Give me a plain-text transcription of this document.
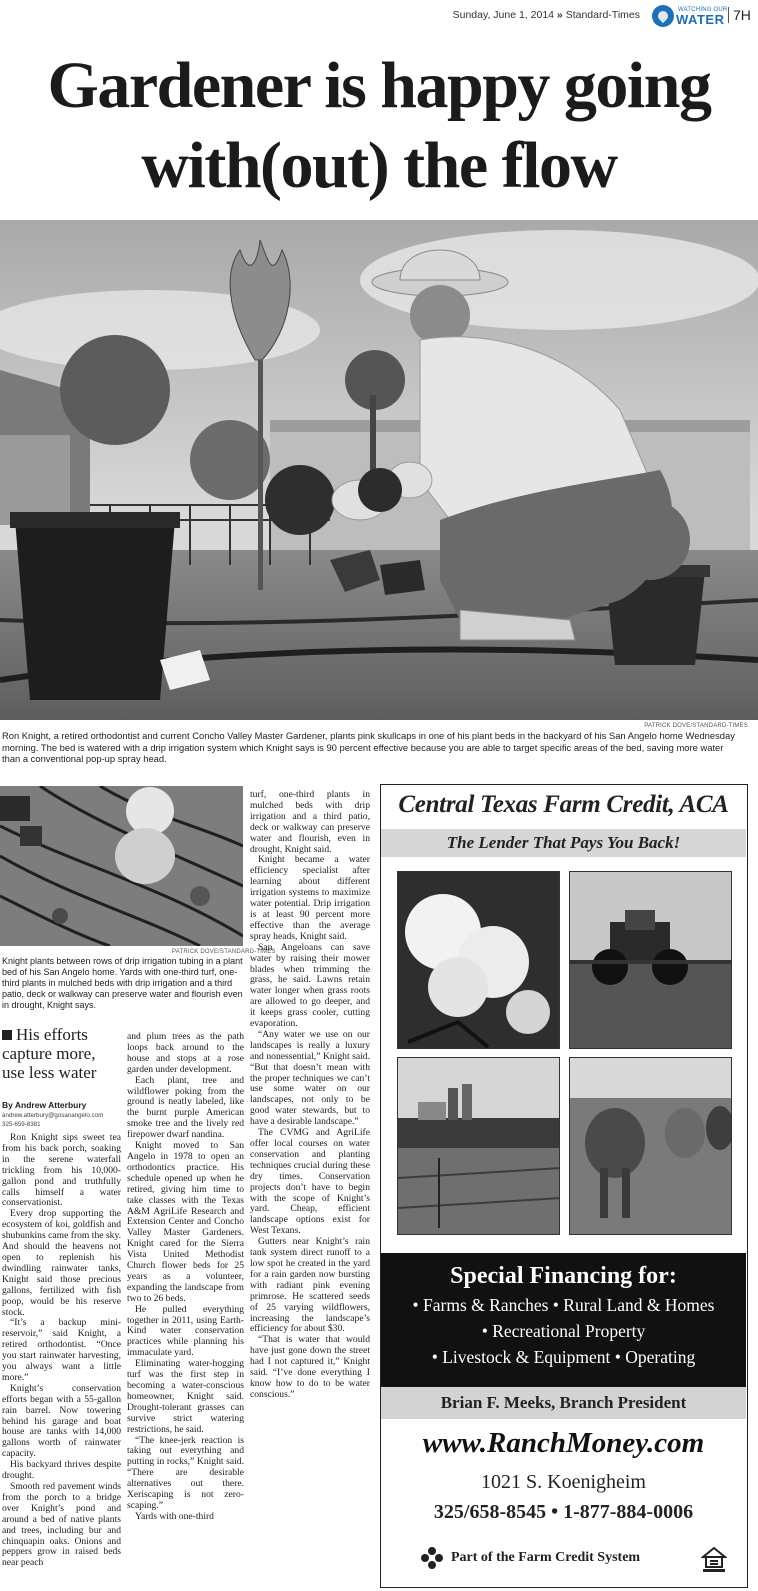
Sunday, June 1, 2014 » Standard-Times	WATCHING OUR
WATER 7H
Gardener is happy going
with(out) the flow
PATRICK DOVE/STANDARD-TIMES
Ron Knight, a retired orthodontist and current Concho Valley Master Gardener, plants pink skullcaps in one of his plant beds in the backyard of his San Angelo home Wednesday morning. The bed is watered with a drip irrigation system which Knight says is 90 percent effective because you are able to target specific areas of the bed, saving more water than a conventional pop-up spray head.
PATRICK DOVE/STANDARD-TIMES
Knight plants between rows of drip irrigation tubing in a plant bed of his San Angelo home. Yards with one-third turf, one-third plants in mulched beds with drip irrigation and a third patio, deck or walkway can preserve water and flourish even in drought, Knight says.
His efforts capture more, use less water
By Andrew Atterbury
andrew.atterbury@gosanangelo.com
325-659-8381

Ron Knight sips sweet tea from his back porch, soaking in the serene waterfall trickling from his 10,000-gallon pond and truthfully calls himself a water conservationist.

Every drop supporting the ecosystem of koi, goldfish and shubunkins came from the sky. And should the heavens not open to replenish his dwindling rainwater tanks, Knight said those precious gallons, fertilized with fish poop, would be his reserve stock.

“It’s a backup mini-reservoir,” said Knight, a retired orthodontist. “Once you start rainwater harvesting, you always want a little more.”

Knight’s conservation efforts began with a 55-gallon rain barrel. Now towering behind his garage and boat house are tanks with 14,000 gallons worth of rainwater capacity.

His backyard thrives despite drought.

Smooth red pavement winds from the porch to a bridge over Knight’s pond and around a bed of native plants and trees, including bur and chinquapin oaks. Onions and peppers grow in raised beds near peach

and plum trees as the path loops back around to the house and stops at a rose garden under development.

Each plant, tree and wildflower poking from the ground is neatly labeled, like the burnt purple American smoke tree and the lively red firepower dwarf nandina.

Knight moved to San Angelo in 1978 to open an orthodontics practice. His schedule opened up when he retired, giving him time to take classes with the Texas A&M AgriLife Research and Extension Center and Concho Valley Master Gardeners. Knight cared for the Sierra Vista United Methodist Church flower beds for 25 years as a volunteer, expanding the landscape from two to 26 beds.

He pulled everything together in 2011, using Earth-Kind water conservation practices while planning his immaculate yard.

Eliminating water-hogging turf was the first step in becoming a water-conscious homeowner, Knight said. Drought-tolerant grasses can survive strict watering restrictions, he said.

“The knee-jerk reaction is taking out everything and putting in rocks,” Knight said. “There are desirable alternatives out there. Xeriscaping is not zero-scaping.”

Yards with one-third

turf, one-third plants in mulched beds with drip irrigation and a third patio, deck or walkway can preserve water and flourish, even in drought, Knight said.

Knight became a water efficiency specialist after learning about different irrigation systems to maximize water potential. Drip irrigation is at least 90 percent more effective than the average spray heads, Knight said.

San Angeloans can save water by raising their mower blades when trimming the grass, he said. Lawns retain water longer when grass roots are allowed to go deeper, and it keeps grass cooler, cutting evaporation.

“Any water we use on our landscapes is really a luxury and nonessential,” Knight said. “But that doesn’t mean with the proper techniques we can’t use some water on our landscapes, not only to be good water stewards, but to have a desirable landscape.”

The CVMG and AgriLife offer local courses on water conservation and planting techniques crucial during these dry times. Conservation projects don’t have to begin with the scope of Knight’s yard. Cheap, efficient landscape options exist for West Texans.

Gutters near Knight’s rain tank system direct runoff to a low spot he created in the yard for a rain garden now bursting with radiant pink evening primrose. He scattered seeds of 25 varying wildflowers, increasing the landscape’s efficiency for about $30.

“That is water that would have just gone down the street had I not captured it,” Knight said. “I’ve done everything I know how to do to be water conscious.”

Central Texas Farm Credit, ACA
The Lender That Pays You Back!
Special Financing for:
• Farms & Ranches • Rural Land & Homes
• Recreational Property
• Livestock & Equipment • Operating
Brian F. Meeks, Branch President
www.RanchMoney.com
1021 S. Koenigheim
325/658-8545 • 1-877-884-0006
Part of the Farm Credit System
